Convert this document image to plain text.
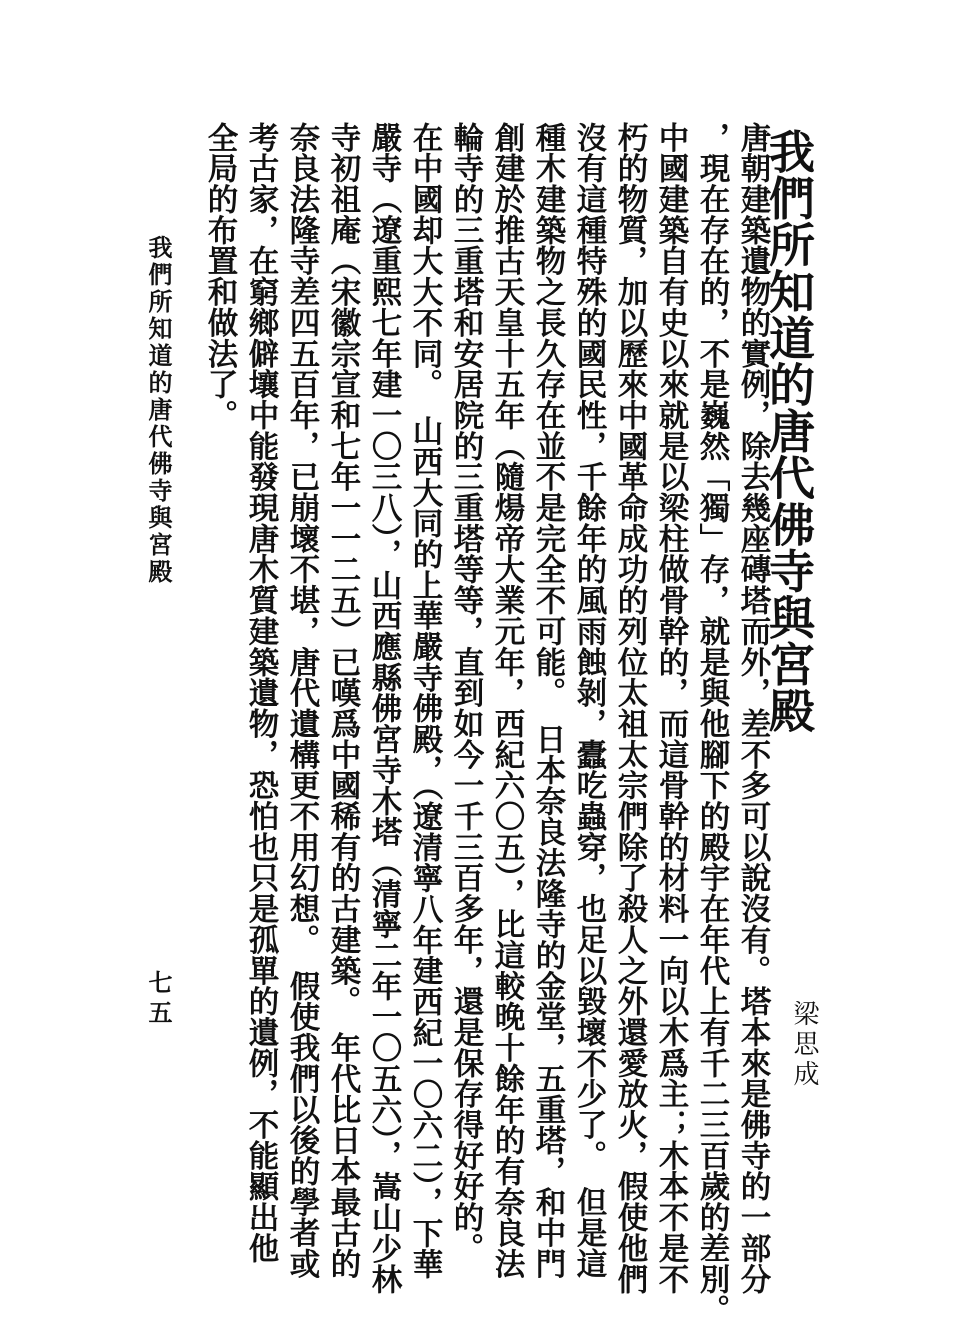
我們所知道的唐代佛寺與宮殿
梁思成
唐朝建築遺物的實例，除去幾座磚塔而外，差不多可以說沒有。塔本來是佛寺的一部分
，現在存在的，不是巍然「獨」存，就是與他腳下的殿宇在年代上有千二三百歲的差別。
中國建築自有史以來就是以梁柱做骨幹的，而這骨幹的材料一向以木爲主；木本不是不
朽的物質，加以歷來中國革命成功的列位太祖太宗們除了殺人之外還愛放火，假使他們
沒有這種特殊的國民性，千餘年的風雨蝕剝，蠹吃蟲穿，也足以毀壞不少了。　但是這
種木建築物之長久存在並不是完全不可能。　日本奈良法隆寺的金堂，五重塔，和中門
創建於推古天皇十五年（隨煬帝大業元年，西紀六〇五），比這較晚十餘年的有奈良法
輪寺的三重塔和安居院的三重塔等等，直到如今一千三百多年，還是保存得好好的。
在中國却大大不同。　山西大同的上華嚴寺佛殿，（遼清寧八年建西紀一〇六二），下華
嚴寺（遼重熙七年建一〇三八），山西應縣佛宮寺木塔（清寧二年一〇五六），嵩山少林
寺初祖庵（宋徽宗宣和七年一一二五）已嘆爲中國稀有的古建築。　年代比日本最古的
奈良法隆寺差四五百年，已崩壞不堪，唐代遺構更不用幻想。　假使我們以後的學者或
考古家，在窮鄉僻壤中能發現唐木質建築遺物，恐怕也只是孤單的遺例，不能顯出他
全局的布置和做法了。
我們所知道的唐代佛寺與宮殿
七五
